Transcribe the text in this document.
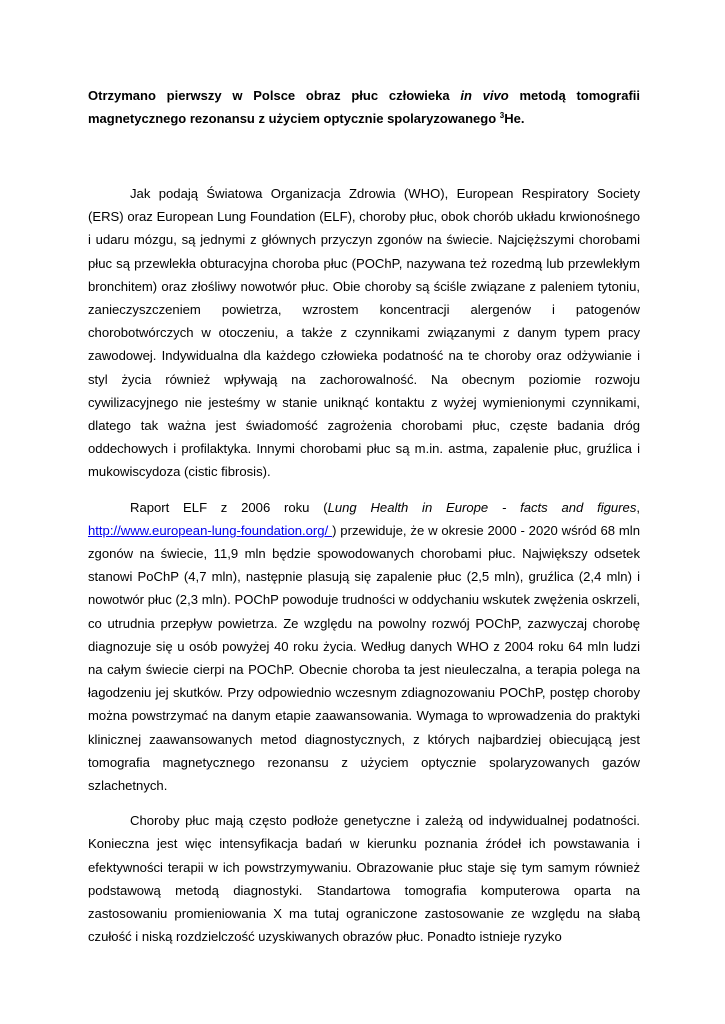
Otrzymano pierwszy w Polsce obraz płuc człowieka in vivo metodą tomografii magnetycznego rezonansu z użyciem optycznie spolaryzowanego $^3$He.

Jak podają Światowa Organizacja Zdrowia (WHO), European Respiratory Society (ERS) oraz European Lung Foundation (ELF), choroby płuc, obok chorób układu krwionośnego i udaru mózgu, są jednymi z głównych przyczyn zgonów na świecie. Najcięższymi chorobami płuc są przewlekła obturacyjna choroba płuc (POChP, nazywana też rozedmą lub przewlekłym bronchitem) oraz złośliwy nowotwór płuc. Obie choroby są ściśle związane z paleniem tytoniu, zanieczyszczeniem powietrza, wzrostem koncentracji alergenów i patogenów chorobotwórczych w otoczeniu, a także z czynnikami związanymi z danym typem pracy zawodowej. Indywidualna dla każdego człowieka podatność na te choroby oraz odżywianie i styl życia również wpływają na zachorowalność. Na obecnym poziomie rozwoju cywilizacyjnego nie jesteśmy w stanie uniknąć kontaktu z wyżej wymienionymi czynnikami, dlatego tak ważna jest świadomość zagrożenia chorobami płuc, częste badania dróg oddechowych i profilaktyka. Innymi chorobami płuc są m.in. astma, zapalenie płuc, gruźlica i mukowiscydoza (cistic fibrosis).

Raport ELF z 2006 roku (Lung Health in Europe - facts and figures, http://www.european-lung-foundation.org/ ) przewiduje, że w okresie 2000 - 2020 wśród 68 mln zgonów na świecie, 11,9 mln będzie spowodowanych chorobami płuc. Największy odsetek stanowi PoChP (4,7 mln), następnie plasują się zapalenie płuc (2,5 mln), gruźlica (2,4 mln) i nowotwór płuc (2,3 mln). POChP powoduje trudności w oddychaniu wskutek zwężenia oskrzeli, co utrudnia przepływ powietrza. Ze względu na powolny rozwój POChP, zazwyczaj chorobę diagnozuje się u osób powyżej 40 roku życia. Według danych WHO z 2004 roku 64 mln ludzi na całym świecie cierpi na POChP. Obecnie choroba ta jest nieuleczalna, a terapia polega na łagodzeniu jej skutków. Przy odpowiednio wczesnym zdiagnozowaniu POChP, postęp choroby można powstrzymać na danym etapie zaawansowania. Wymaga to wprowadzenia do praktyki klinicznej zaawansowanych metod diagnostycznych, z których najbardziej obiecującą jest tomografia magnetycznego rezonansu z użyciem optycznie spolaryzowanych gazów szlachetnych.

Choroby płuc mają często podłoże genetyczne i zależą od indywidualnej podatności. Konieczna jest więc intensyfikacja badań w kierunku poznania źródeł ich powstawania i efektywności terapii w ich powstrzymywaniu. Obrazowanie płuc staje się tym samym również podstawową metodą diagnostyki. Standartowa tomografia komputerowa oparta na zastosowaniu promieniowania X ma tutaj ograniczone zastosowanie ze względu na słabą czułość i niską rozdzielczość uzyskiwanych obrazów płuc. Ponadto istnieje ryzyko
